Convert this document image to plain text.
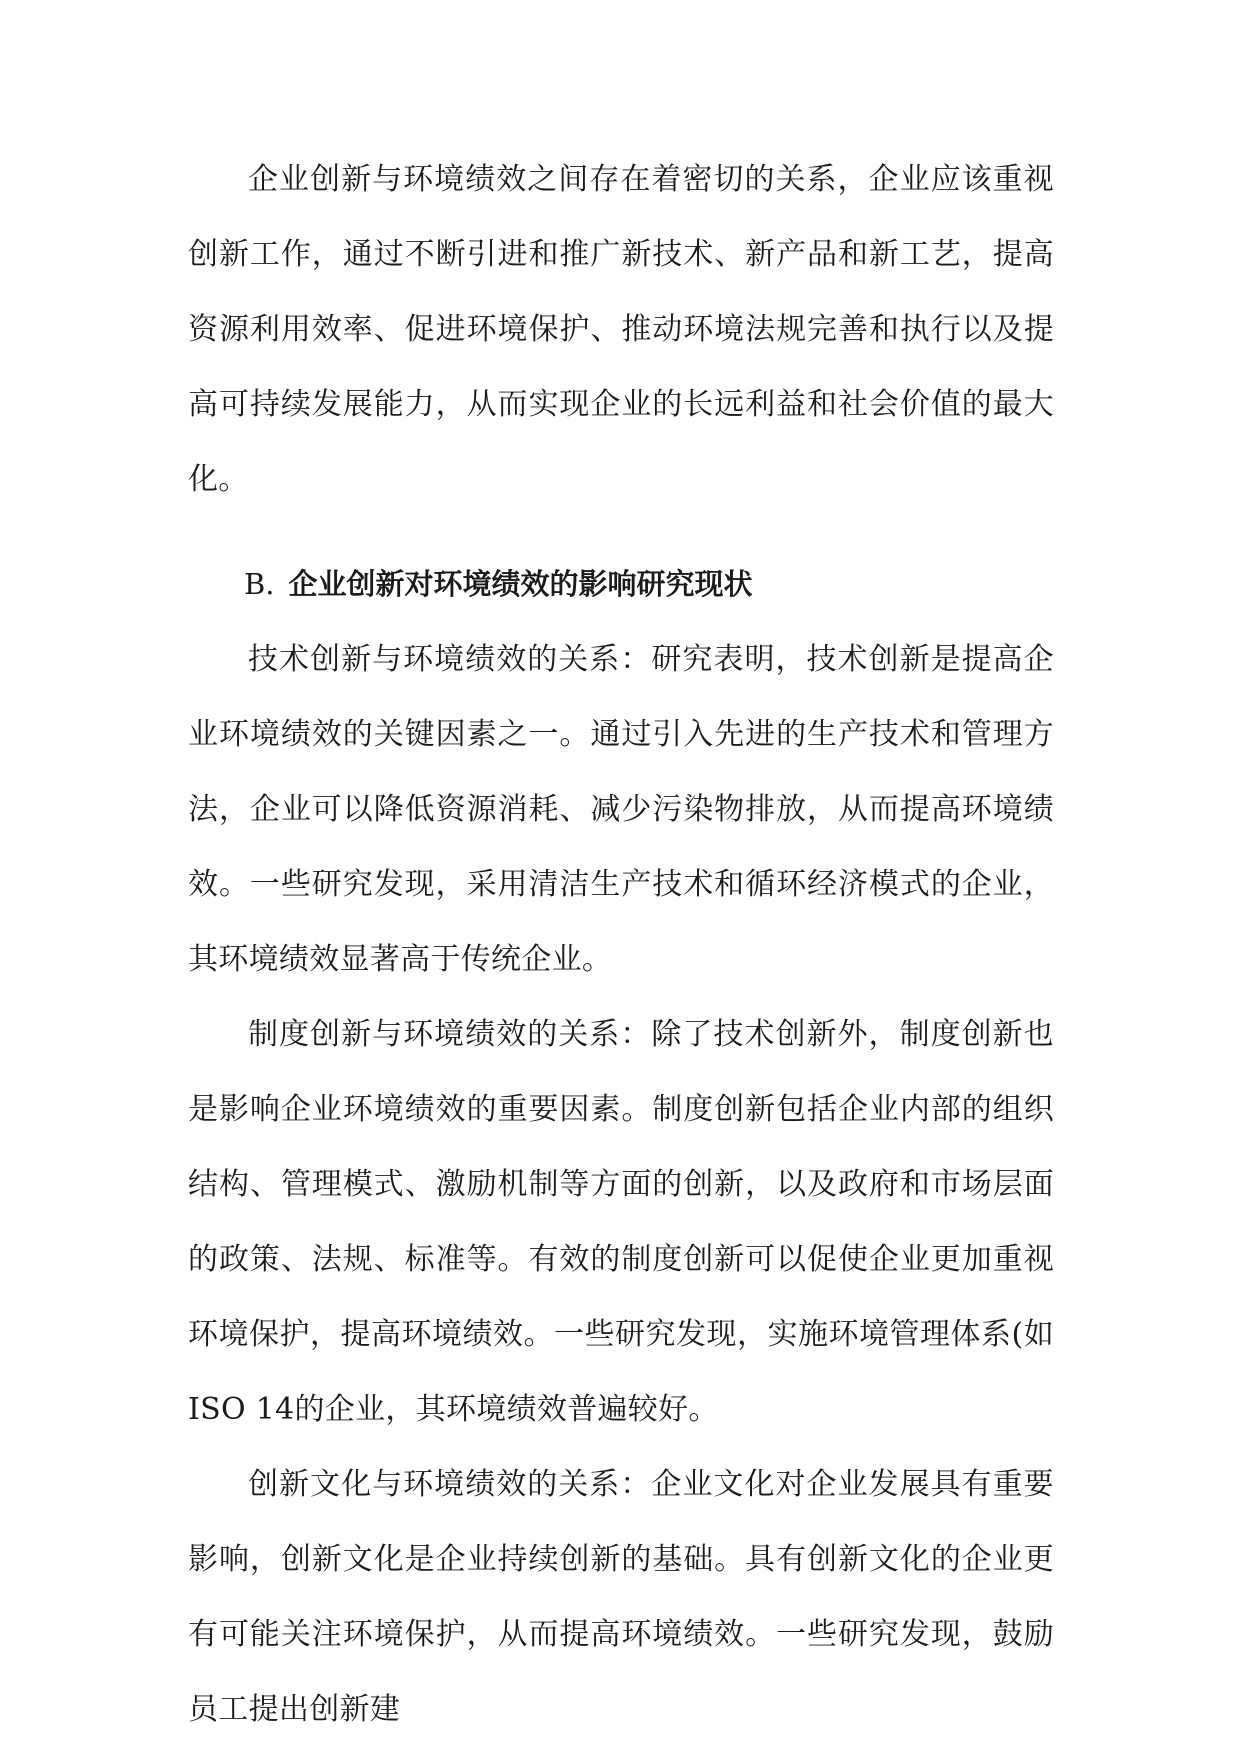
企业创新与环境绩效之间存在着密切的关系，企业应该重视创新工作，通过不断引进和推广新技术、新产品和新工艺，提高资源利用效率、促进环境保护、推动环境法规完善和执行以及提高可持续发展能力，从而实现企业的长远利益和社会价值的最大化。

B. 企业创新对环境绩效的影响研究现状

技术创新与环境绩效的关系：研究表明，技术创新是提高企业环境绩效的关键因素之一。通过引入先进的生产技术和管理方法，企业可以降低资源消耗、减少污染物排放，从而提高环境绩效。一些研究发现，采用清洁生产技术和循环经济模式的企业，其环境绩效显著高于传统企业。

制度创新与环境绩效的关系：除了技术创新外，制度创新也是影响企业环境绩效的重要因素。制度创新包括企业内部的组织结构、管理模式、激励机制等方面的创新，以及政府和市场层面的政策、法规、标准等。有效的制度创新可以促使企业更加重视环境保护，提高环境绩效。一些研究发现，实施环境管理体系(如ISO 14的企业，其环境绩效普遍较好。

创新文化与环境绩效的关系：企业文化对企业发展具有重要影响，创新文化是企业持续创新的基础。具有创新文化的企业更有可能关注环境保护，从而提高环境绩效。一些研究发现，鼓励员工提出创新建
